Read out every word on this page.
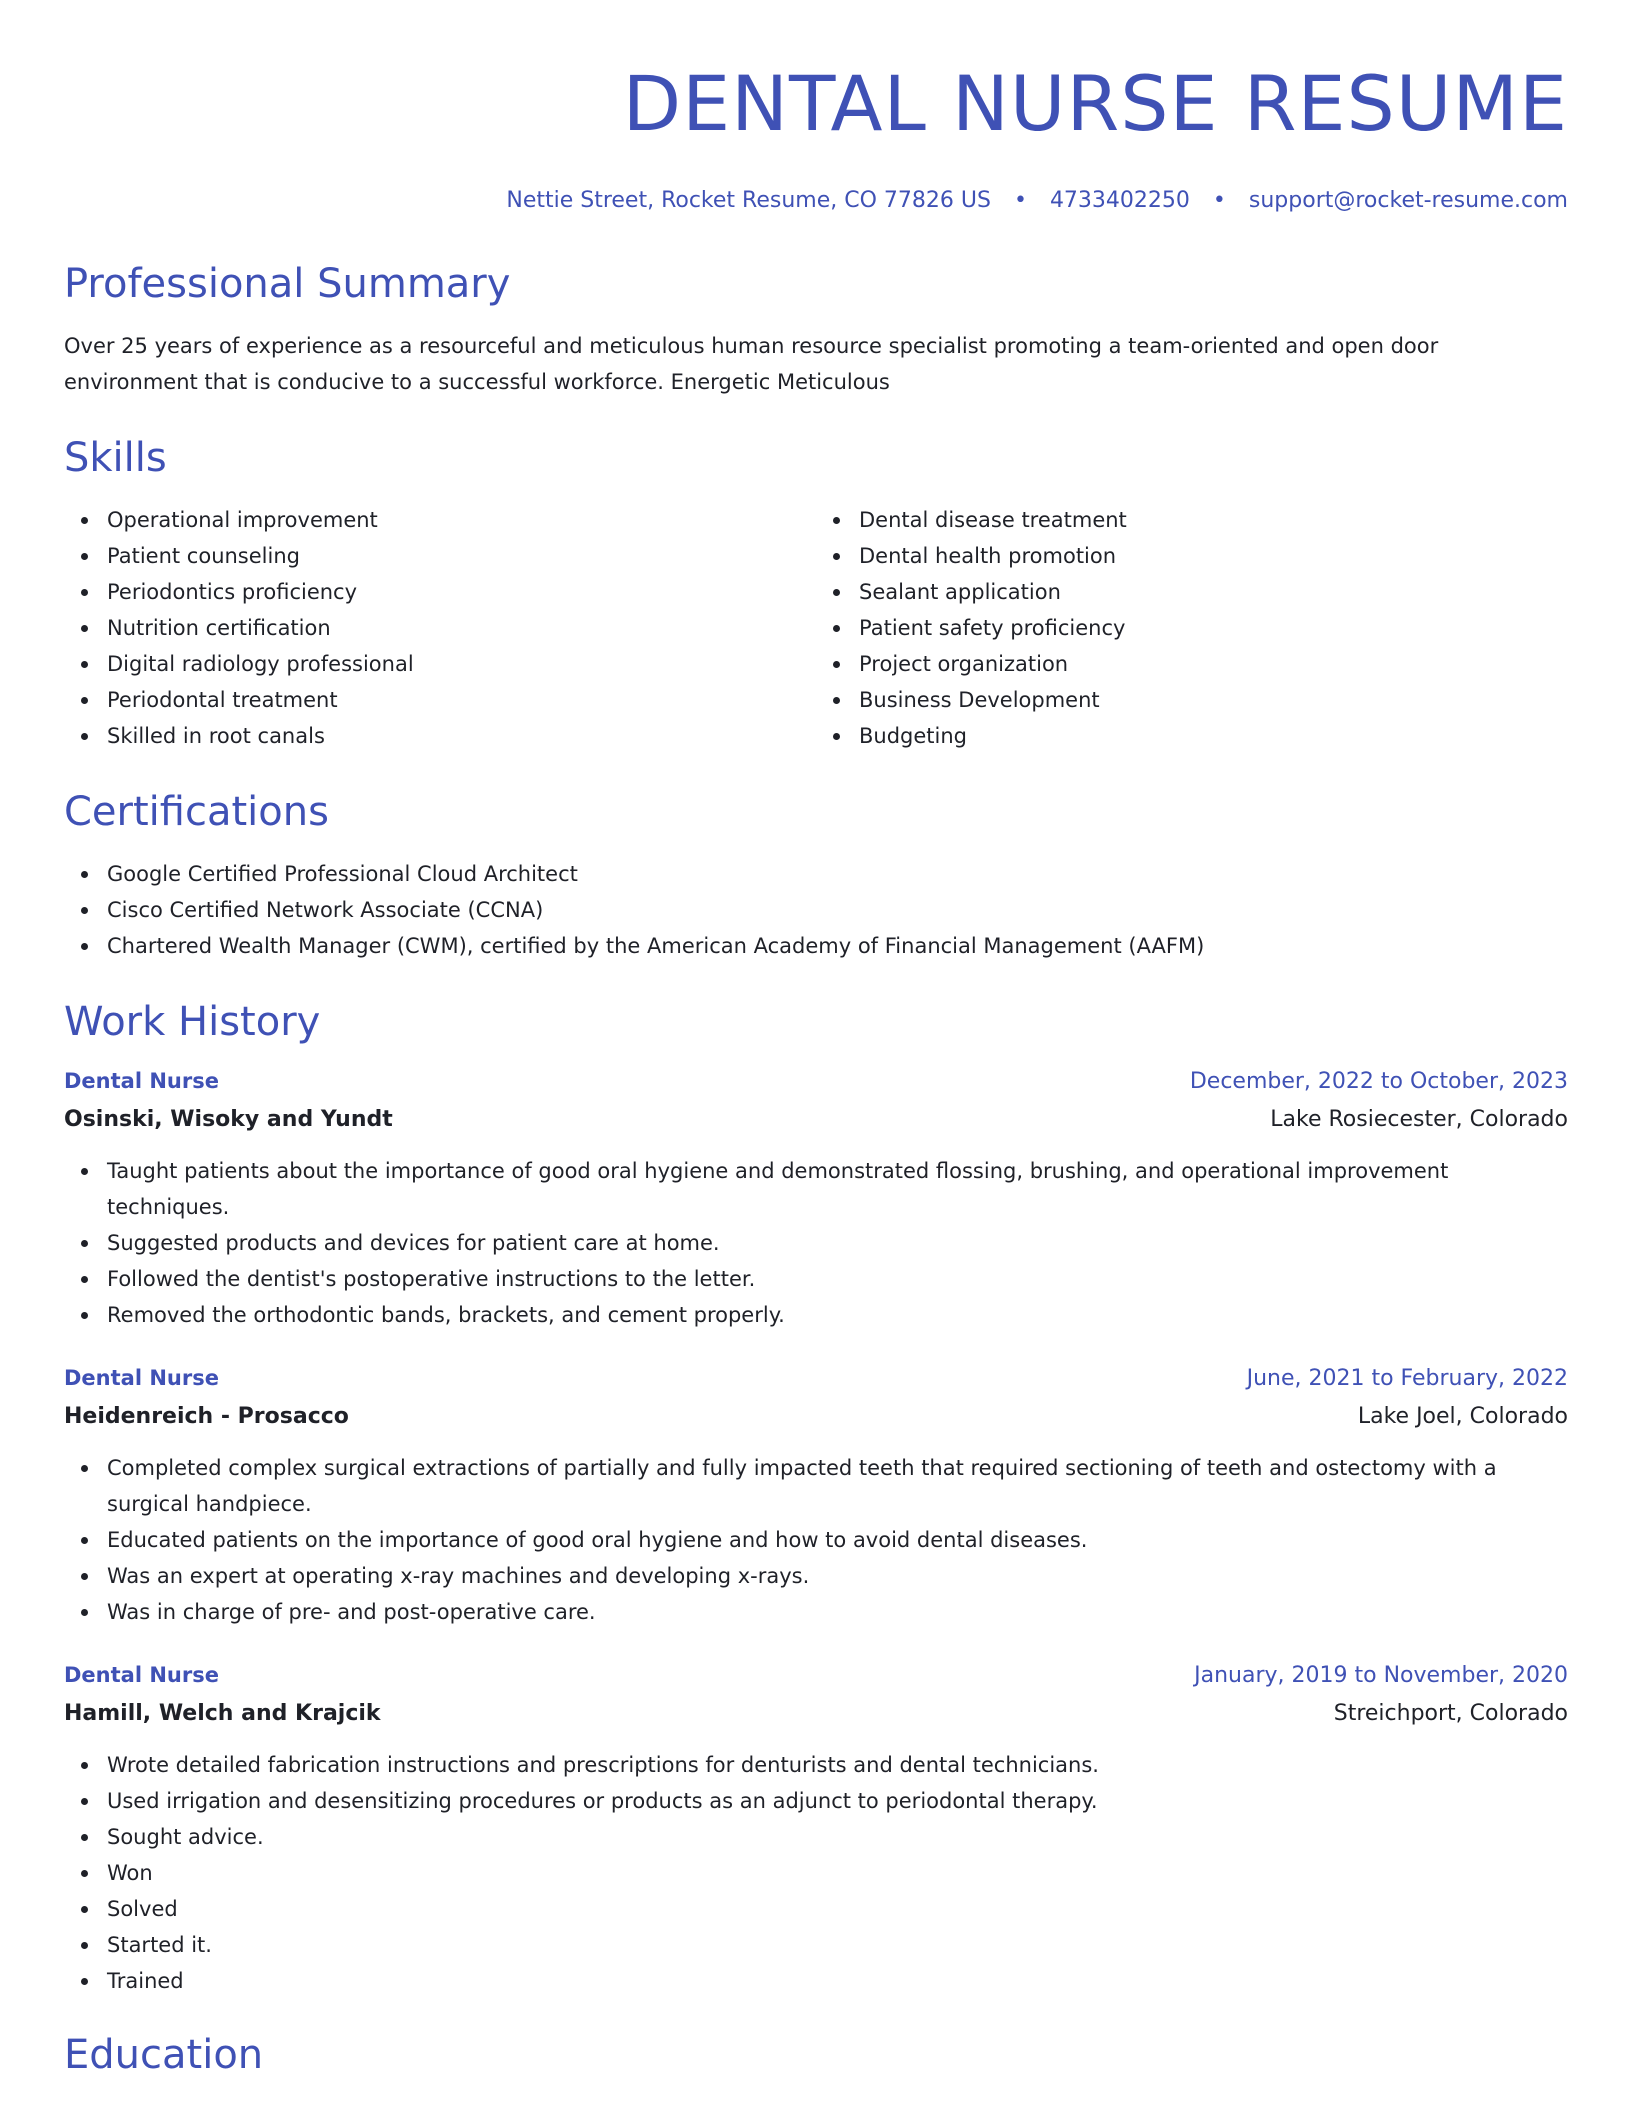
DENTAL NURSE RESUME
Nettie Street, Rocket Resume, CO 77826 US • 4733402250 • support@rocket-resume.com
Professional Summary
Over 25 years of experience as a resourceful and meticulous human resource specialist promoting a team-oriented and open door environment that is conducive to a successful workforce. Energetic Meticulous
Skills
Operational improvement
Patient counseling
Periodontics proficiency
Nutrition certification
Digital radiology professional
Periodontal treatment
Skilled in root canals
Dental disease treatment
Dental health promotion
Sealant application
Patient safety proficiency
Project organization
Business Development
Budgeting
Certifications
Google Certified Professional Cloud Architect
Cisco Certified Network Associate (CCNA)
Chartered Wealth Manager (CWM), certified by the American Academy of Financial Management (AAFM)
Work History
Dental Nurse	December, 2022 to October, 2023
Osinski, Wisoky and Yundt	Lake Rosiecester, Colorado
Taught patients about the importance of good oral hygiene and demonstrated flossing, brushing, and operational improvement techniques.
Suggested products and devices for patient care at home.
Followed the dentist's postoperative instructions to the letter.
Removed the orthodontic bands, brackets, and cement properly.
Dental Nurse	June, 2021 to February, 2022
Heidenreich - Prosacco	Lake Joel, Colorado
Completed complex surgical extractions of partially and fully impacted teeth that required sectioning of teeth and ostectomy with a surgical handpiece.
Educated patients on the importance of good oral hygiene and how to avoid dental diseases.
Was an expert at operating x-ray machines and developing x-rays.
Was in charge of pre- and post-operative care.
Dental Nurse	January, 2019 to November, 2020
Hamill, Welch and Krajcik	Streichport, Colorado
Wrote detailed fabrication instructions and prescriptions for denturists and dental technicians.
Used irrigation and desensitizing procedures or products as an adjunct to periodontal therapy.
Sought advice.
Won
Solved
Started it.
Trained
Education
